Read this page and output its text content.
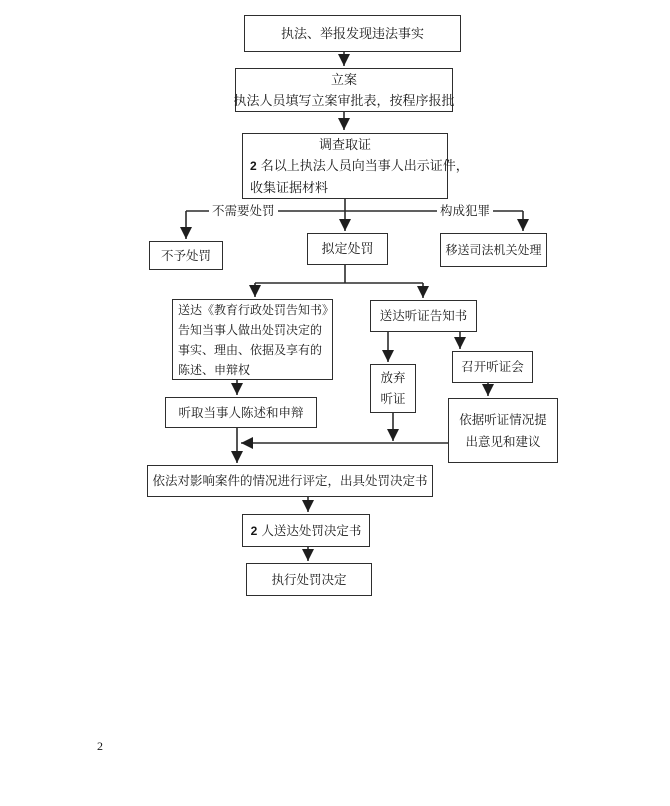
执法、举报发现违法事实
立案
执法人员填写立案审批表，按程序报批
调查取证
2 名以上执法人员向当事人出示证件，
收集证据材料
不需要处罚	构成犯罪
不予处罚	拟定处罚	移送司法机关处理
送达《教育行政处罚告知书》
告知当事人做出处罚决定的
事实、理由、依据及享有的
陈述、申辩权
送达听证告知书
放弃
听证
召开听证会
依据听证情况提
出意见和建议
听取当事人陈述和申辩
依法对影响案件的情况进行评定，出具处罚决定书
2 人送达处罚决定书
执行处罚决定
2
